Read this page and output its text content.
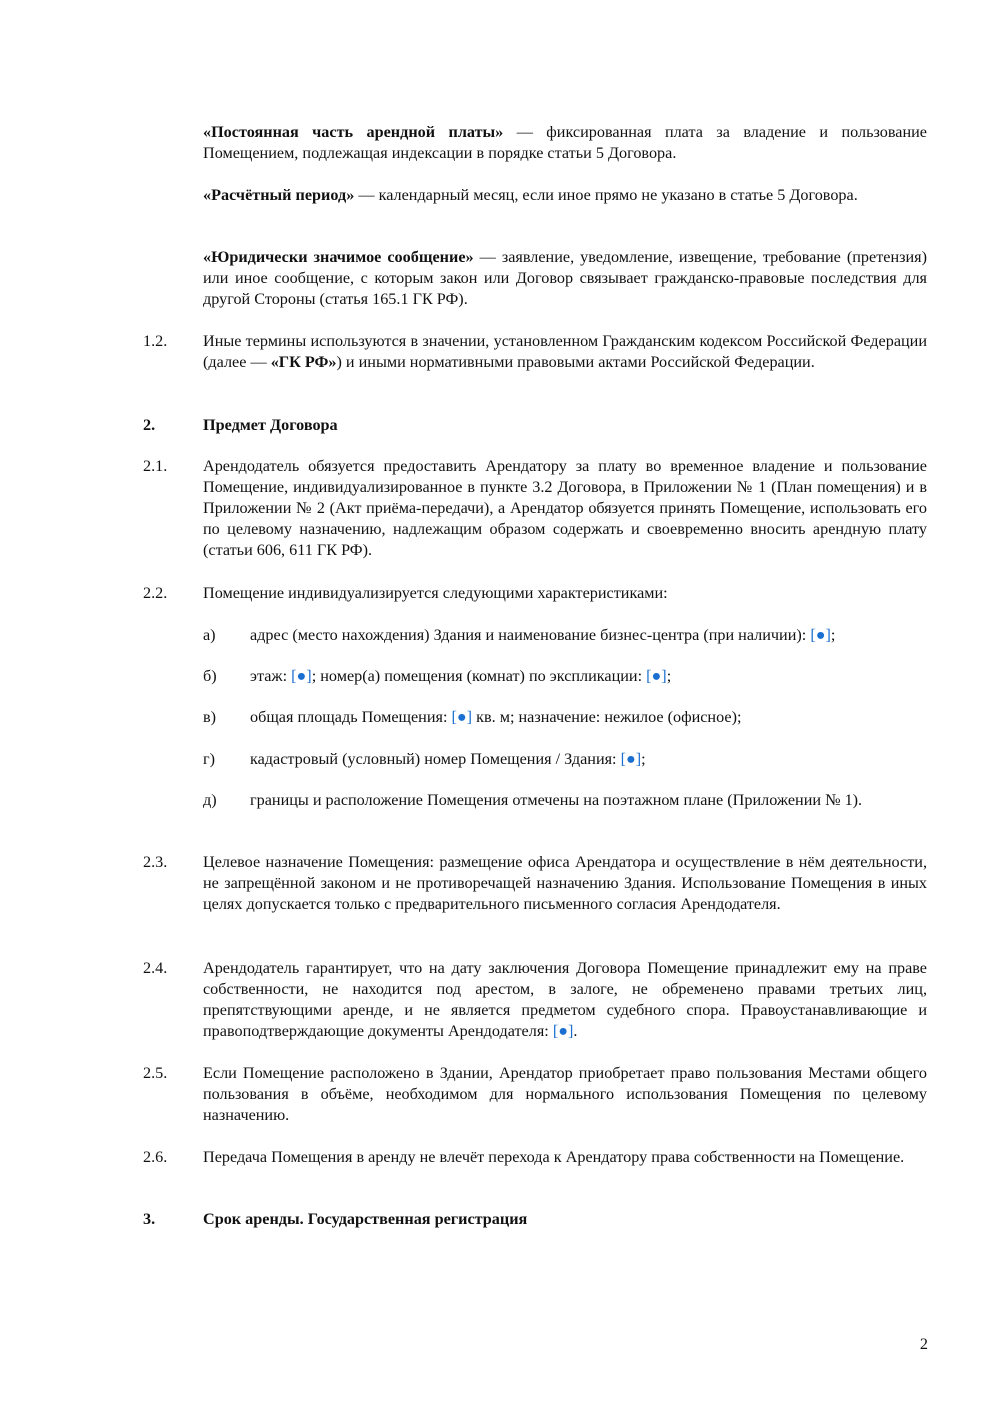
«Постоянная часть арендной платы» — фиксированная плата за владение и пользование Помещением, подлежащая индексации в порядке статьи 5 Договора.
«Расчётный период» — календарный месяц, если иное прямо не указано в статье 5 Договора.
«Юридически значимое сообщение» — заявление, уведомление, извещение, требование (претензия) или иное сообщение, с которым закон или Договор связывает гражданско-правовые последствия для другой Стороны (статья 165.1 ГК РФ).
1.2.	Иные термины используются в значении, установленном Гражданским кодексом Российской Федерации (далее — «ГК РФ») и иными нормативными правовыми актами Российской Федерации.
2.	Предмет Договора
2.1.	Арендодатель обязуется предоставить Арендатору за плату во временное владение и пользование Помещение, индивидуализированное в пункте 3.2 Договора, в Приложении № 1 (План помещения) и в Приложении № 2 (Акт приёма-передачи), а Арендатор обязуется принять Помещение, использовать его по целевому назначению, надлежащим образом содержать и своевременно вносить арендную плату (статьи 606, 611 ГК РФ).
2.2.	Помещение индивидуализируется следующими характеристиками:
а)	адрес (место нахождения) Здания и наименование бизнес-центра (при наличии): [●];
б)	этаж: [●]; номер(а) помещения (комнат) по экспликации: [●];
в)	общая площадь Помещения: [●] кв. м; назначение: нежилое (офисное);
г)	кадастровый (условный) номер Помещения / Здания: [●];
д)	границы и расположение Помещения отмечены на поэтажном плане (Приложении № 1).
2.3.	Целевое назначение Помещения: размещение офиса Арендатора и осуществление в нём деятельности, не запрещённой законом и не противоречащей назначению Здания. Использование Помещения в иных целях допускается только с предварительного письменного согласия Арендодателя.
2.4.	Арендодатель гарантирует, что на дату заключения Договора Помещение принадлежит ему на праве собственности, не находится под арестом, в залоге, не обременено правами третьих лиц, препятствующими аренде, и не является предметом судебного спора. Правоустанавливающие и правоподтверждающие документы Арендодателя: [●].
2.5.	Если Помещение расположено в Здании, Арендатор приобретает право пользования Местами общего пользования в объёме, необходимом для нормального использования Помещения по целевому назначению.
2.6.	Передача Помещения в аренду не влечёт перехода к Арендатору права собственности на Помещение.
3.	Срок аренды. Государственная регистрация
2
